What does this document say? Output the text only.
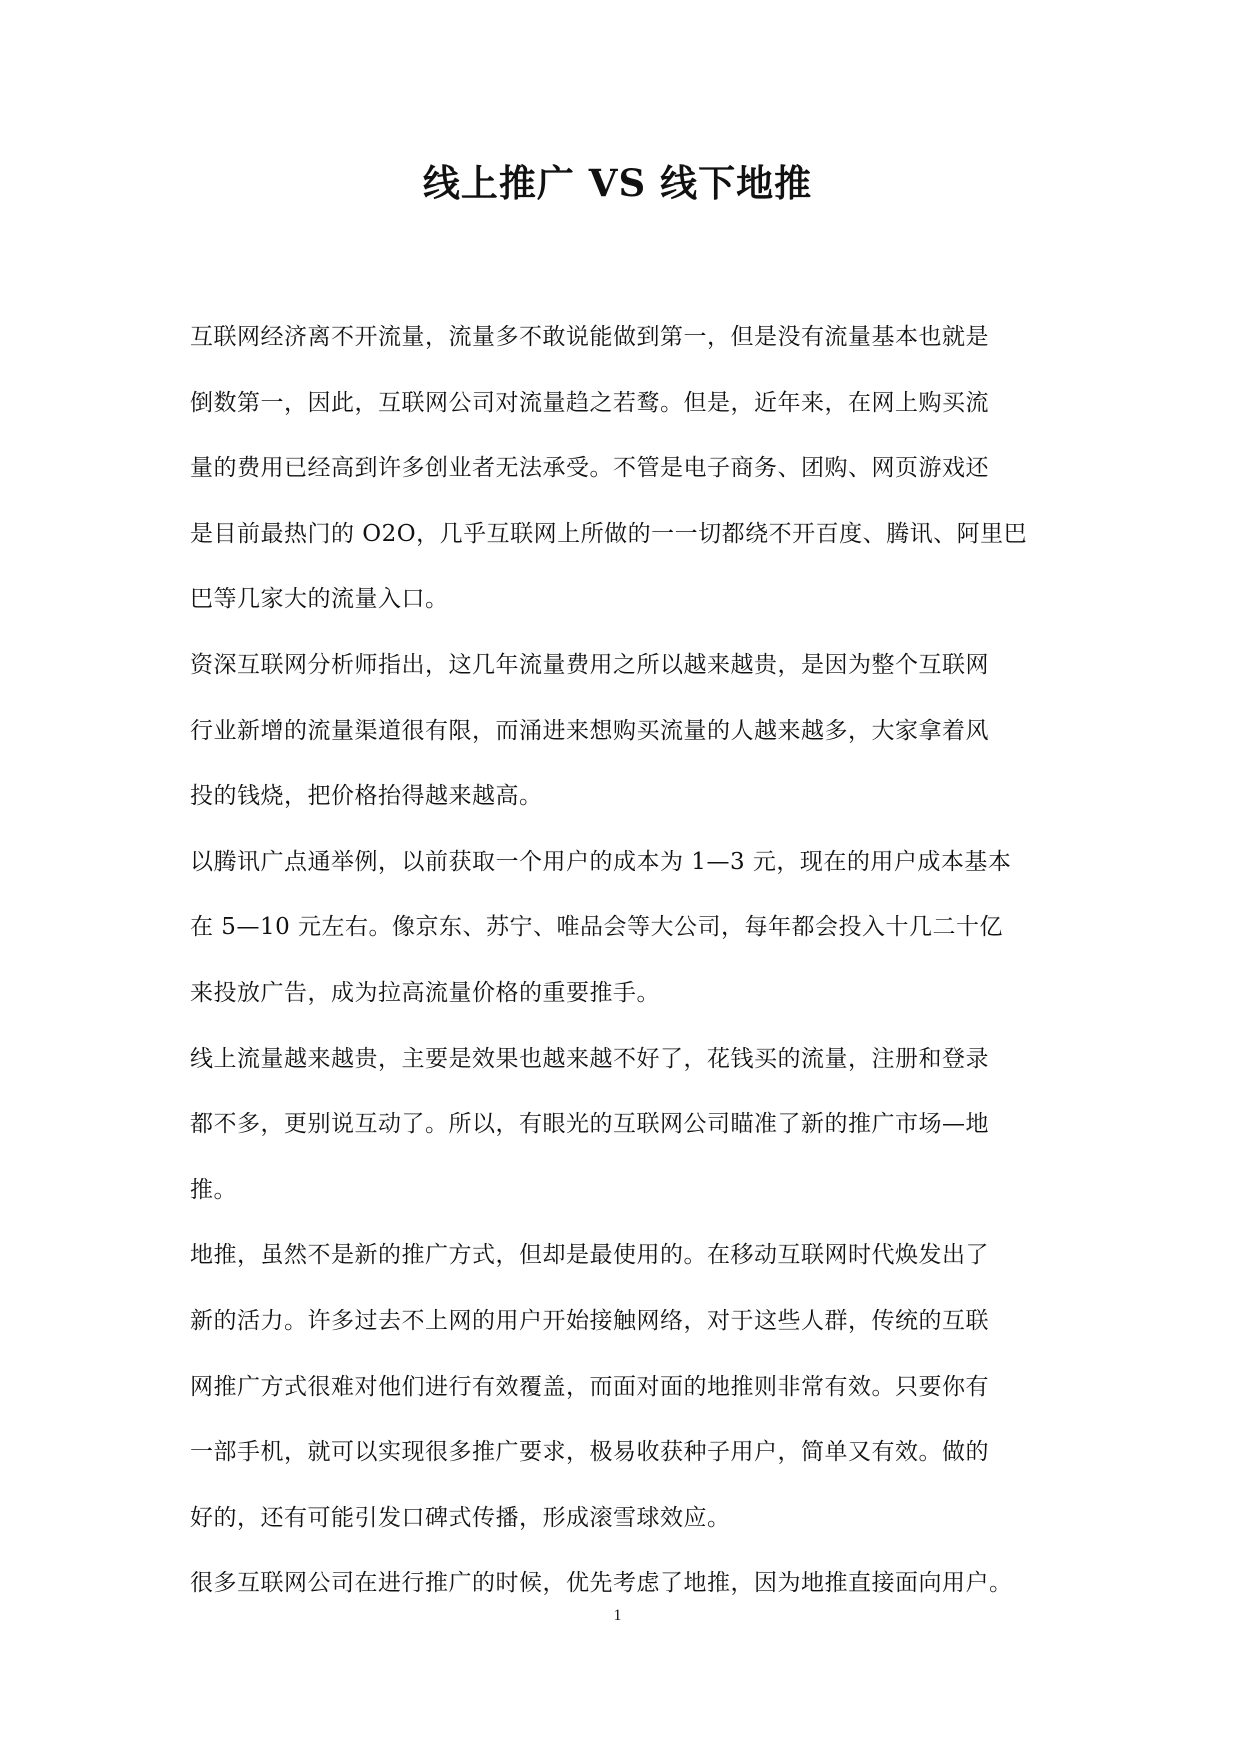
线上推广 VS 线下地推

互联网经济离不开流量，流量多不敢说能做到第一，但是没有流量基本也就是
倒数第一，因此，互联网公司对流量趋之若鹜。但是，近年来，在网上购买流
量的费用已经高到许多创业者无法承受。不管是电子商务、团购、网页游戏还
是目前最热门的 O2O，几乎互联网上所做的一一切都绕不开百度、腾讯、阿里巴
巴等几家大的流量入口。

资深互联网分析师指出，这几年流量费用之所以越来越贵，是因为整个互联网
行业新增的流量渠道很有限，而涌进来想购买流量的人越来越多，大家拿着风
投的钱烧，把价格抬得越来越高。

以腾讯广点通举例，以前获取一个用户的成本为 1—3 元，现在的用户成本基本
在 5—10 元左右。像京东、苏宁、唯品会等大公司，每年都会投入十几二十亿
来投放广告，成为拉高流量价格的重要推手。

线上流量越来越贵，主要是效果也越来越不好了，花钱买的流量，注册和登录
都不多，更别说互动了。所以，有眼光的互联网公司瞄准了新的推广市场—地
推。

地推，虽然不是新的推广方式，但却是最使用的。在移动互联网时代焕发出了
新的活力。许多过去不上网的用户开始接触网络，对于这些人群，传统的互联
网推广方式很难对他们进行有效覆盖，而面对面的地推则非常有效。只要你有
一部手机，就可以实现很多推广要求，极易收获种子用户，简单又有效。做的
好的，还有可能引发口碑式传播，形成滚雪球效应。

很多互联网公司在进行推广的时候，优先考虑了地推，因为地推直接面向用户。

1
